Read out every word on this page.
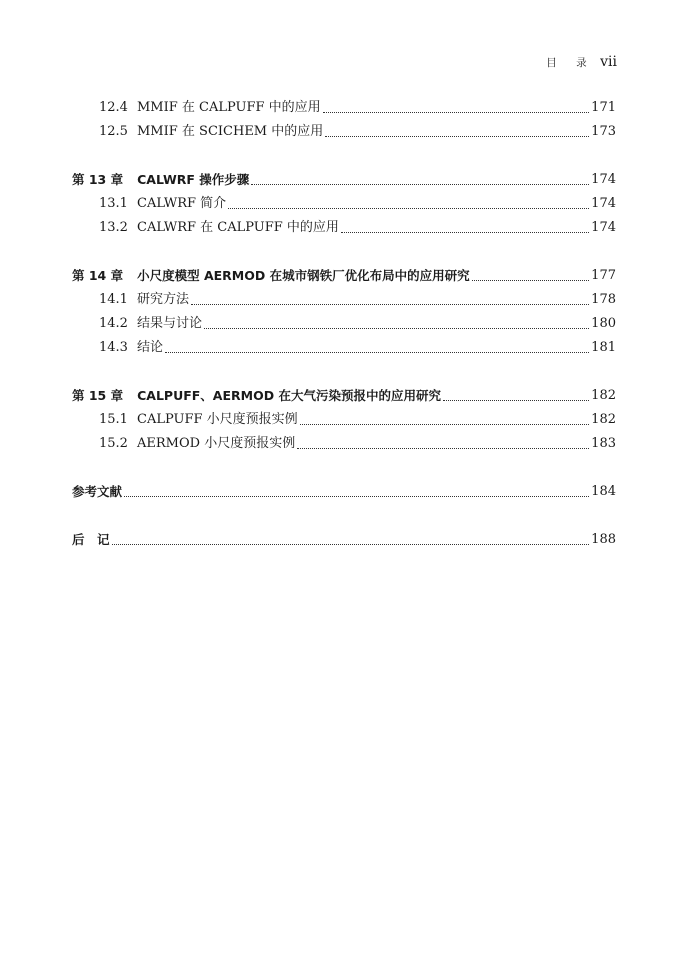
目 录 vii
12.4 MMIF 在 CALPUFF 中的应用	171
12.5 MMIF 在 SCICHEM 中的应用	173
第 13 章 CALWRF 操作步骤	174
13.1 CALWRF 简介	174
13.2 CALWRF 在 CALPUFF 中的应用	174
第 14 章 小尺度模型 AERMOD 在城市钢铁厂优化布局中的应用研究	177
14.1 研究方法	178
14.2 结果与讨论	180
14.3 结论	181
第 15 章 CALPUFF、AERMOD 在大气污染预报中的应用研究	182
15.1 CALPUFF 小尺度预报实例	182
15.2 AERMOD 小尺度预报实例	183
参考文献	184
后　记	188
